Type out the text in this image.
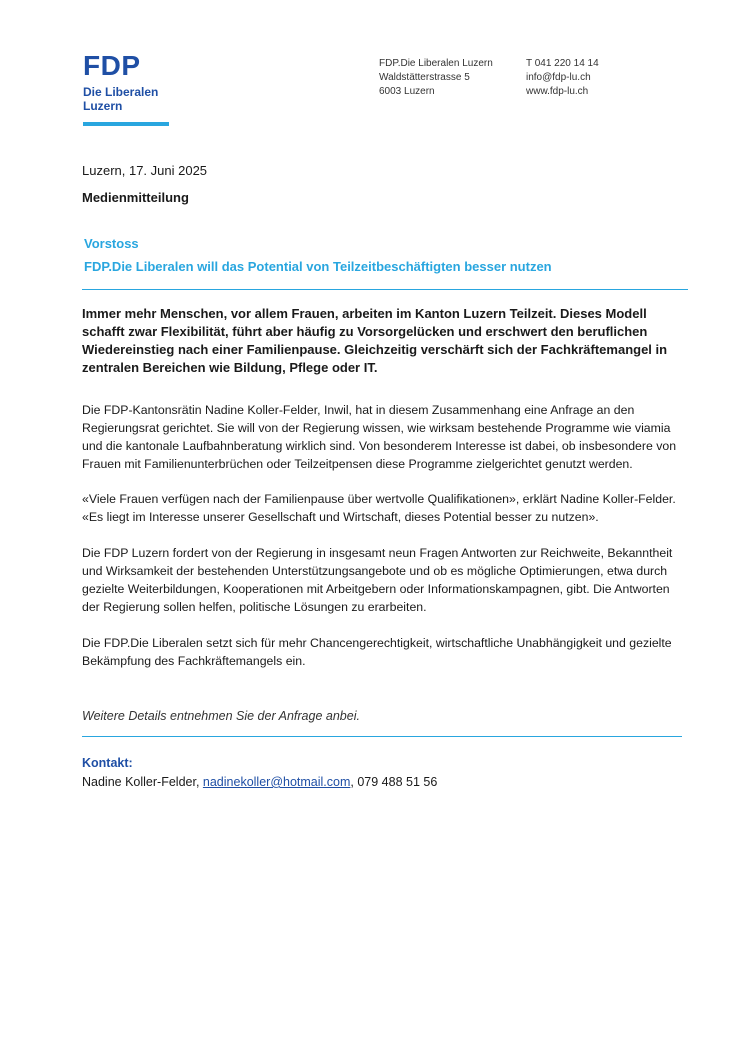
FDP
Die Liberalen
Luzern
FDP.Die Liberalen Luzern
Waldstätterstrasse 5
6003 Luzern
T 041 220 14 14
info@fdp-lu.ch
www.fdp-lu.ch
Luzern, 17. Juni 2025
Medienmitteilung
Vorstoss
FDP.Die Liberalen will das Potential von Teilzeitbeschäftigten besser nutzen
Immer mehr Menschen, vor allem Frauen, arbeiten im Kanton Luzern Teilzeit. Dieses Modell schafft zwar Flexibilität, führt aber häufig zu Vorsorgelücken und erschwert den beruflichen Wiedereinstieg nach einer Familienpause. Gleichzeitig verschärft sich der Fachkräftemangel in zentralen Bereichen wie Bildung, Pflege oder IT.
Die FDP-Kantonsrätin Nadine Koller-Felder, Inwil, hat in diesem Zusammenhang eine Anfrage an den Regierungsrat gerichtet. Sie will von der Regierung wissen, wie wirksam bestehende Programme wie viamia und die kantonale Laufbahnberatung wirklich sind. Von besonderem Interesse ist dabei, ob insbesondere von Frauen mit Familienunterbrüchen oder Teilzeitpensen diese Programme zielgerichtet genutzt werden.
«Viele Frauen verfügen nach der Familienpause über wertvolle Qualifikationen», erklärt Nadine Koller-Felder. «Es liegt im Interesse unserer Gesellschaft und Wirtschaft, dieses Potential besser zu nutzen».
Die FDP Luzern fordert von der Regierung in insgesamt neun Fragen Antworten zur Reichweite, Bekanntheit und Wirksamkeit der bestehenden Unterstützungsangebote und ob es mögliche Optimierungen, etwa durch gezielte Weiterbildungen, Kooperationen mit Arbeitgebern oder Informationskampagnen, gibt. Die Antworten der Regierung sollen helfen, politische Lösungen zu erarbeiten.
Die FDP.Die Liberalen setzt sich für mehr Chancengerechtigkeit, wirtschaftliche Unabhängigkeit und gezielte Bekämpfung des Fachkräftemangels ein.
Weitere Details entnehmen Sie der Anfrage anbei.
Kontakt:
Nadine Koller-Felder, nadinekoller@hotmail.com, 079 488 51 56
